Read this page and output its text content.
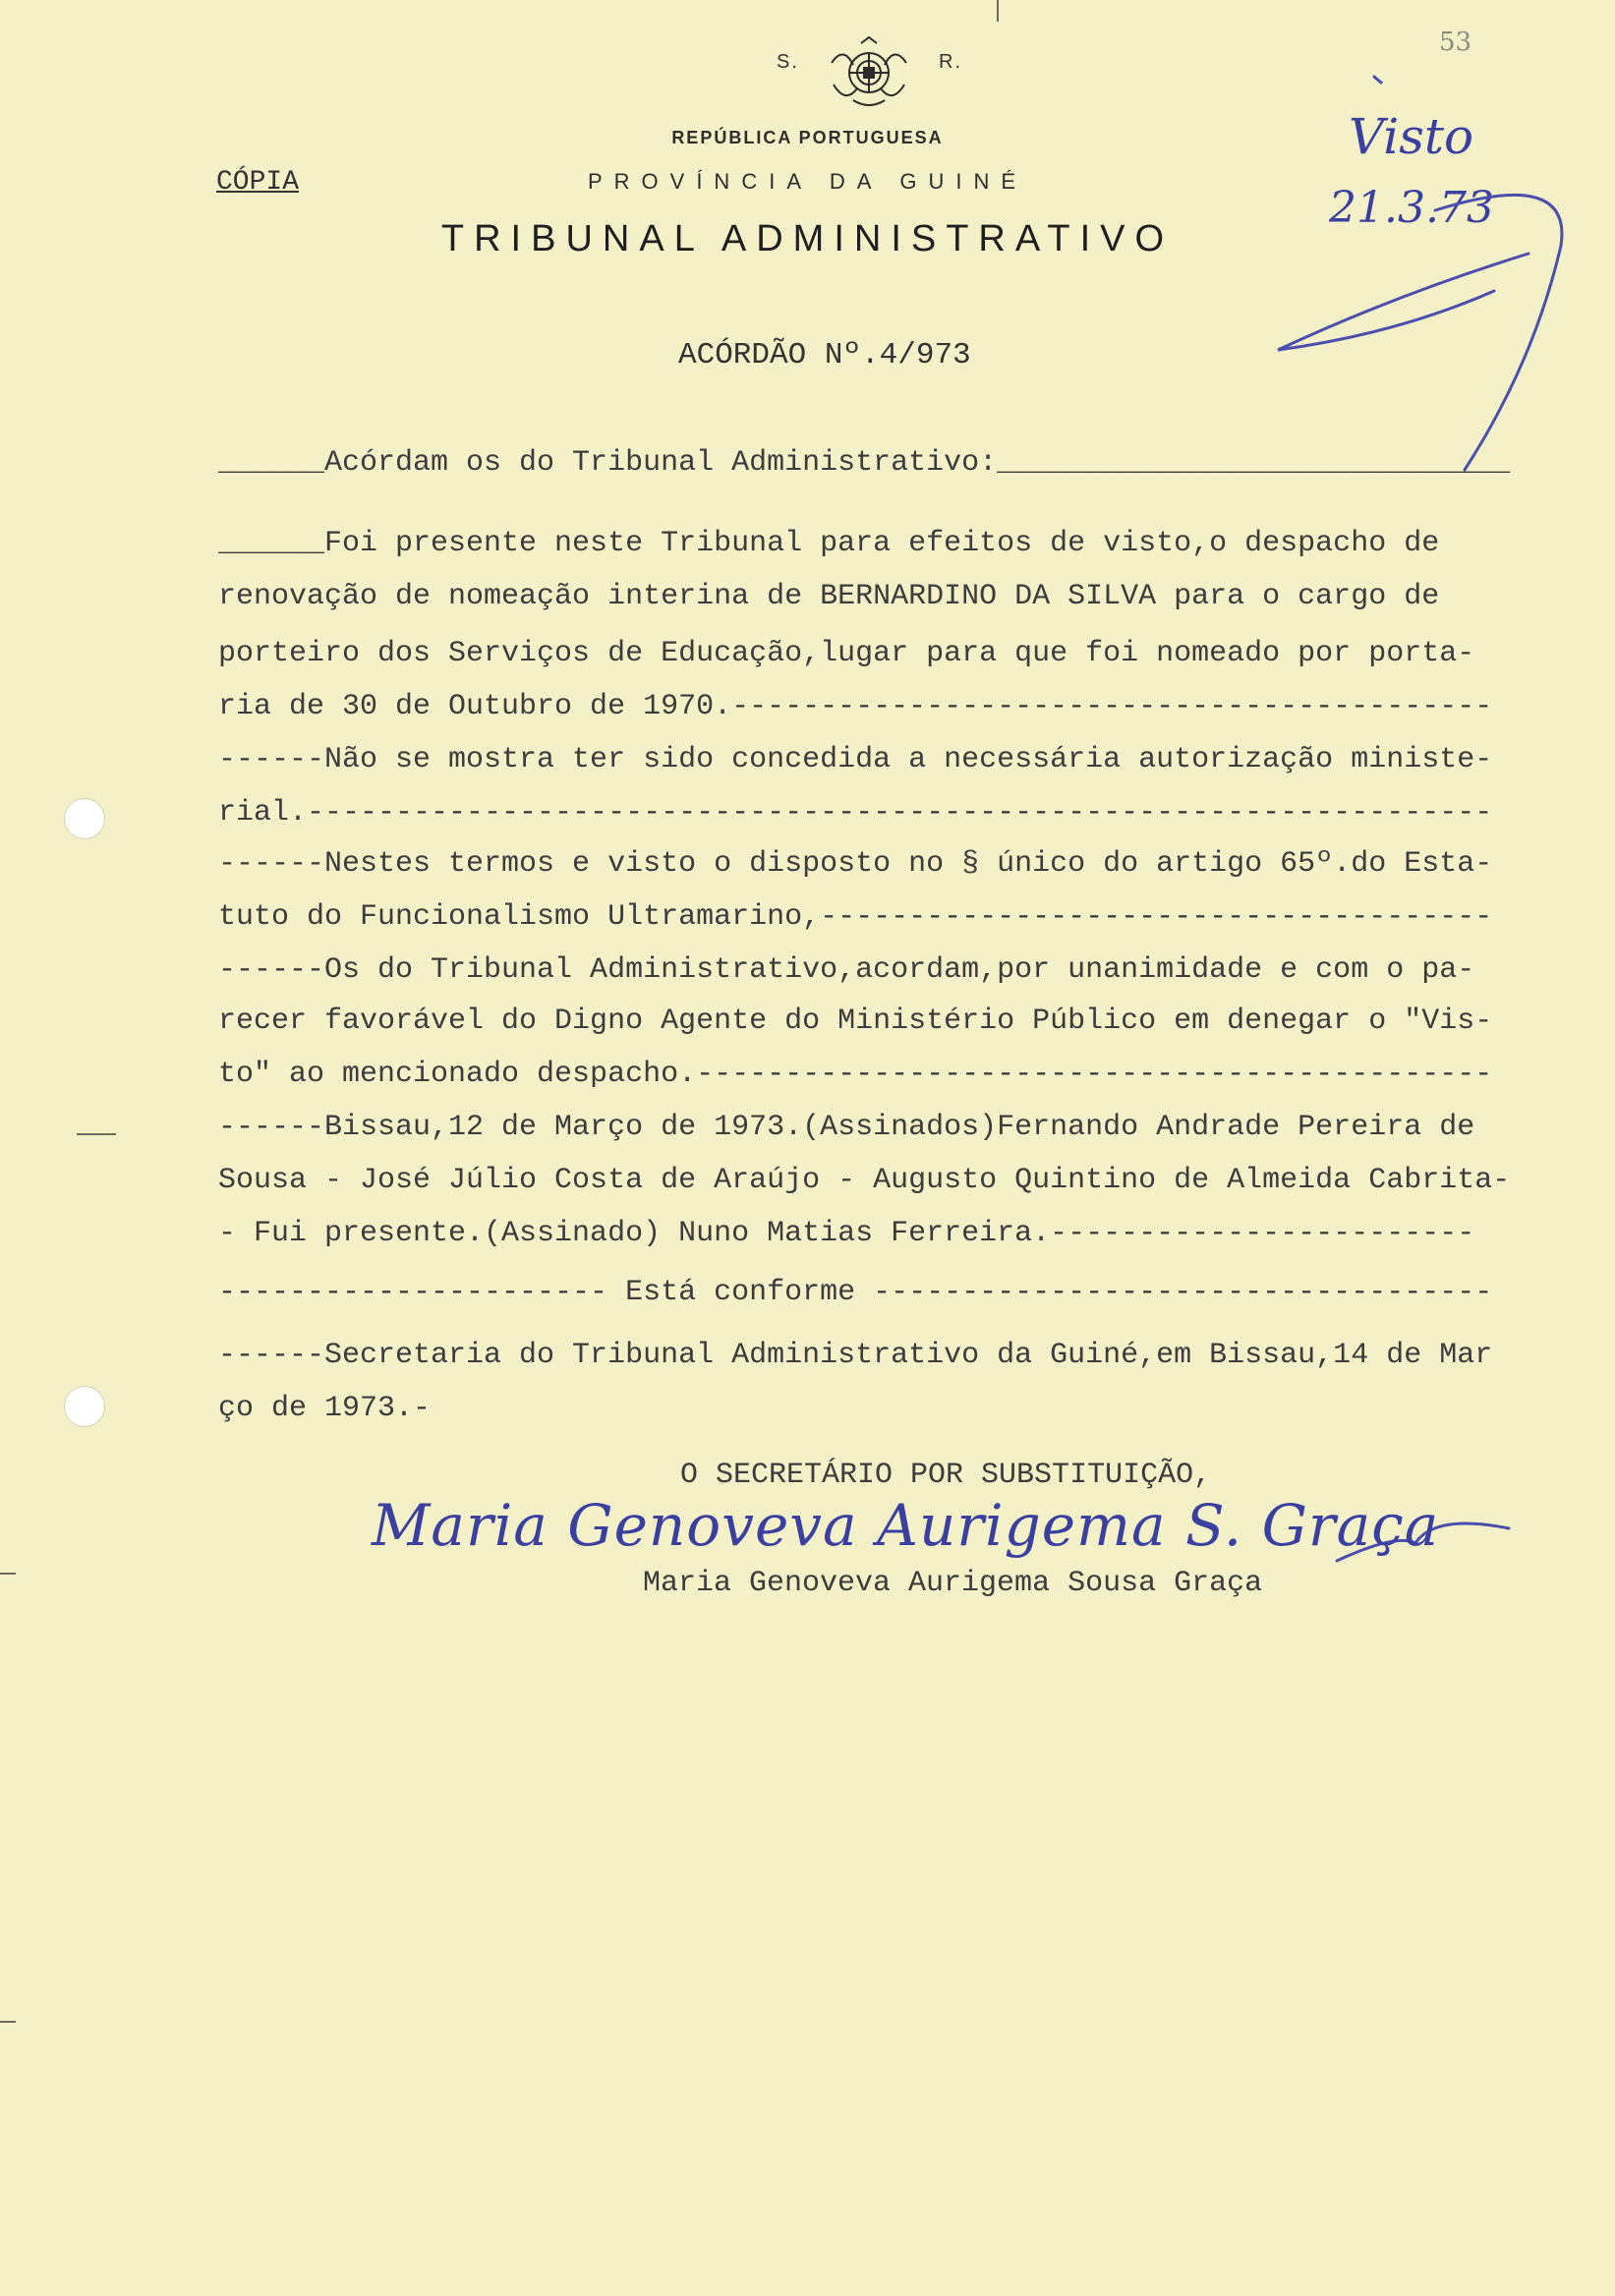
S.	R.
REPÚBLICA PORTUGUESA
PROVÍNCIA DA GUINÉ
TRIBUNAL ADMINISTRATIVO
CÓPIA
Visto
21.3.73
53
ACÓRDÃO Nº.4/973
______Acórdam os do Tribunal Administrativo:_____________________________
______Foi presente neste Tribunal para efeitos de visto,o despacho de
renovação de nomeação interina de BERNARDINO DA SILVA para o cargo de
porteiro dos Serviços de Educação,lugar para que foi nomeado por porta-
ria de 30 de Outubro de 1970.-------------------------------------------
------Não se mostra ter sido concedida a necessária autorização ministe-
rial.-------------------------------------------------------------------
------Nestes termos e visto o disposto no § único do artigo 65º.do Esta-
tuto do Funcionalismo Ultramarino,--------------------------------------
------Os do Tribunal Administrativo,acordam,por unanimidade e com o pa-
recer favorável do Digno Agente do Ministério Público em denegar o "Vis-
to" ao mencionado despacho.---------------------------------------------
------Bissau,12 de Março de 1973.(Assinados)Fernando Andrade Pereira de
Sousa - José Júlio Costa de Araújo - Augusto Quintino de Almeida Cabrita-
- Fui presente.(Assinado) Nuno Matias Ferreira.------------------------
---------------------- Está conforme -----------------------------------
------Secretaria do Tribunal Administrativo da Guiné,em Bissau,14 de Mar
ço de 1973.-
O SECRETÁRIO POR SUBSTITUIÇÃO,
Maria Genoveva Aurigema S. Graça
Maria Genoveva Aurigema Sousa Graça
